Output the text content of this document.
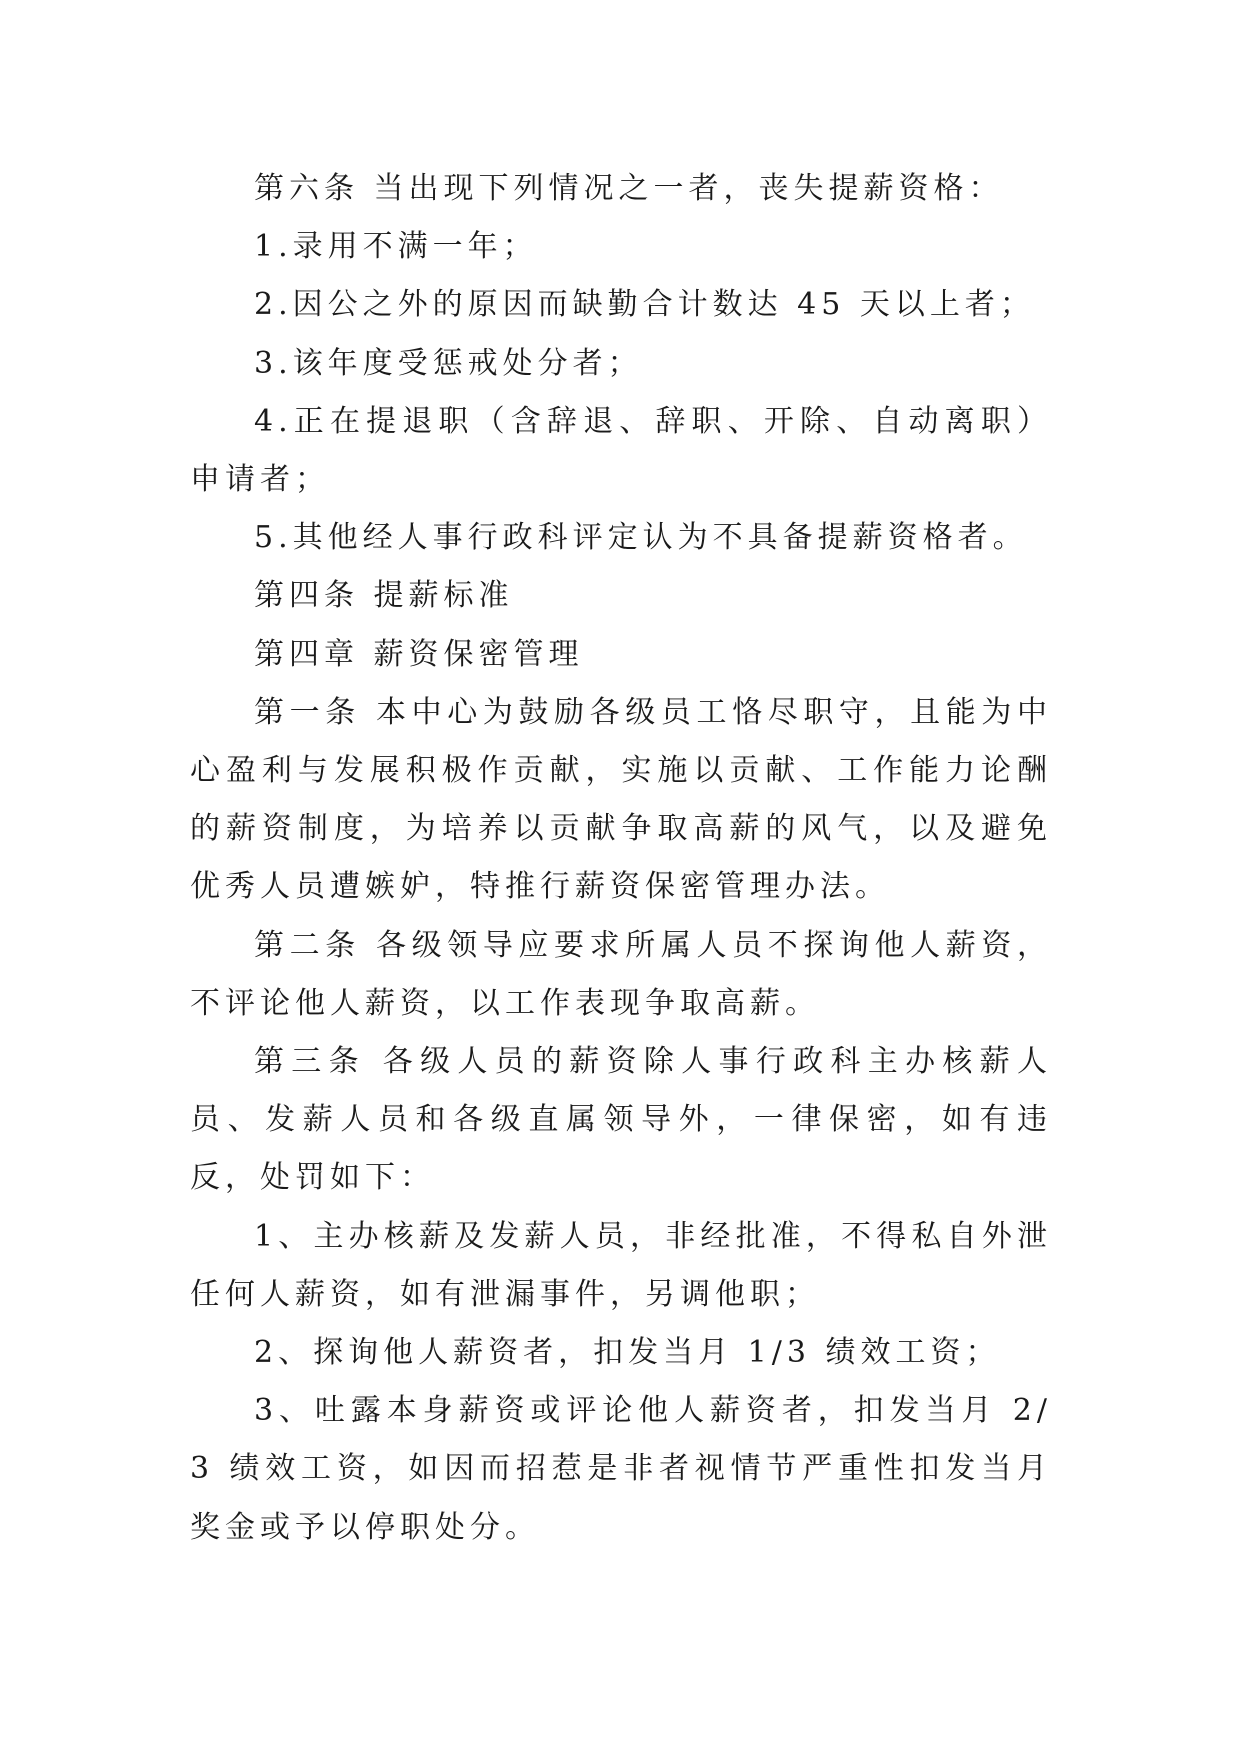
第六条 当出现下列情况之一者，丧失提薪资格：

1.录用不满一年；

2.因公之外的原因而缺勤合计数达 45 天以上者；

3.该年度受惩戒处分者；

4.正在提退职（含辞退、辞职、开除、自动离职）申请者；

5.其他经人事行政科评定认为不具备提薪资格者。

第四条 提薪标准

第四章 薪资保密管理

第一条 本中心为鼓励各级员工恪尽职守，且能为中心盈利与发展积极作贡献，实施以贡献、工作能力论酬的薪资制度，为培养以贡献争取高薪的风气，以及避免优秀人员遭嫉妒，特推行薪资保密管理办法。

第二条 各级领导应要求所属人员不探询他人薪资，不评论他人薪资，以工作表现争取高薪。

第三条 各级人员的薪资除人事行政科主办核薪人员、发薪人员和各级直属领导外，一律保密，如有违反，处罚如下：

1、主办核薪及发薪人员，非经批准，不得私自外泄任何人薪资，如有泄漏事件，另调他职；

2、探询他人薪资者，扣发当月 1/3 绩效工资；

3、吐露本身薪资或评论他人薪资者，扣发当月 2/3 绩效工资，如因而招惹是非者视情节严重性扣发当月奖金或予以停职处分。
